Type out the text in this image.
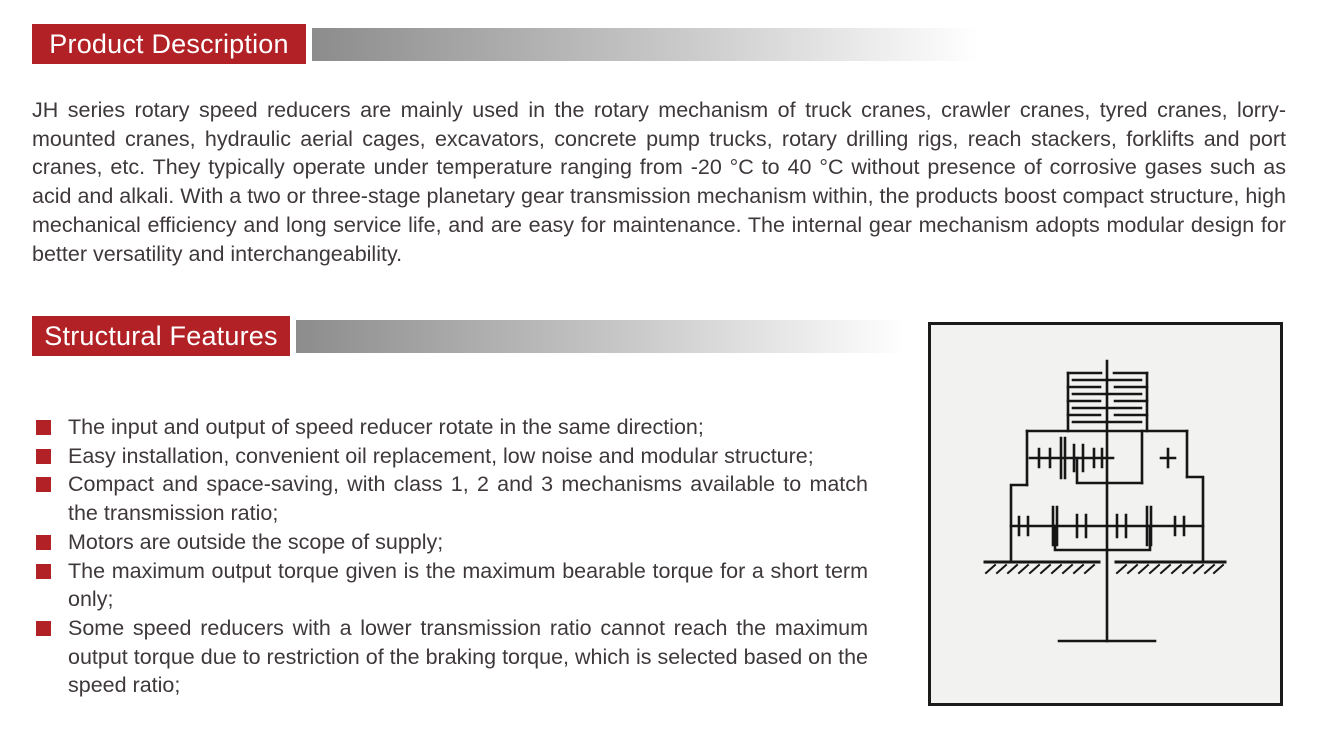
Product Description

JH series rotary speed reducers are mainly used in the rotary mechanism of truck cranes, crawler cranes, tyred cranes, lorry-mounted cranes, hydraulic aerial cages, excavators, concrete pump trucks, rotary drilling rigs, reach stackers, forklifts and port cranes, etc. They typically operate under temperature ranging from -20 °C to 40 °C without presence of corrosive gases such as acid and alkali. With a two or three-stage planetary gear transmission mechanism within, the products boost compact structure, high mechanical efficiency and long service life, and are easy for maintenance. The internal gear mechanism adopts modular design for better versatility and interchangeability.

Structural Features
The input and output of speed reducer rotate in the same direction;
Easy installation, convenient oil replacement, low noise and modular structure;
Compact and space-saving, with class 1, 2 and 3 mechanisms available to match the transmission ratio;
Motors are outside the scope of supply;
The maximum output torque given is the maximum bearable torque for a short term only;
Some speed reducers with a lower transmission ratio cannot reach the maximum output torque due to restriction of the braking torque, which is selected based on the speed ratio;
